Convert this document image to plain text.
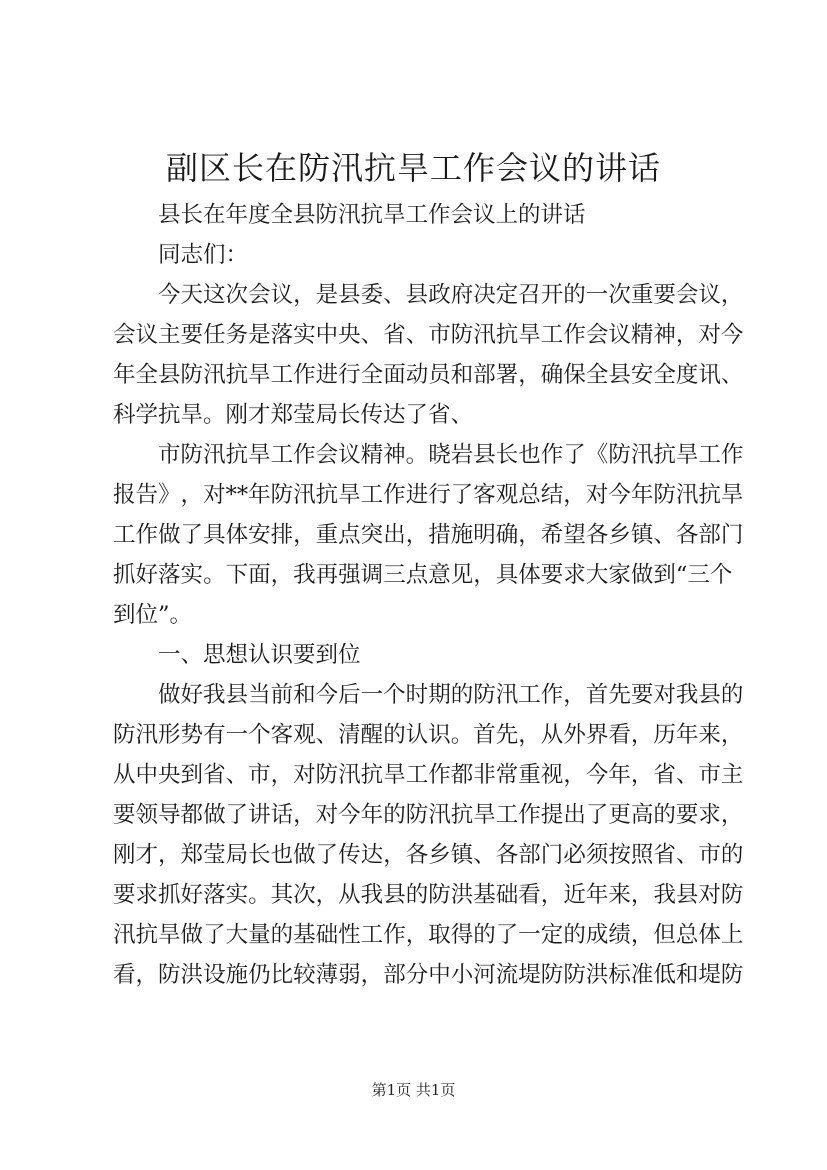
副区长在防汛抗旱工作会议的讲话
县长在年度全县防汛抗旱工作会议上的讲话
同志们：
今 天 这 次 会 议 ， 是 县 委 、 县 政 府 决 定 召 开 的 一 次 重 要 会 议 ，
会 议 主 要 任 务 是 落 实 中 央 、 省 、 市 防 汛 抗 旱 工 作 会 议 精 神 ， 对 今
年 全 县 防 汛 抗 旱 工 作 进 行 全 面 动 员 和 部 署 ， 确 保 全 县 安 全 度 讯 、
科学抗旱。刚才郑莹局长传达了省、
市 防 汛 抗 旱 工 作 会 议 精 神 。 晓 岩 县 长 也 作 了 《 防 汛 抗 旱 工 作
报 告 》 ， 对 * * 年 防 汛 抗 旱 工 作 进 行 了 客 观 总 结 ， 对 今 年 防 汛 抗 旱
工 作 做 了 具 体 安 排 ， 重 点 突 出 ， 措 施 明 确 ， 希 望 各 乡 镇 、 各 部 门
抓 好 落 实 。 下 面 ， 我 再 强 调 三 点 意 见 ， 具 体 要 求 大 家 做 到 “ 三 个
到位”。
一、思想认识要到位
做 好 我 县 当 前 和 今 后 一 个 时 期 的 防 汛 工 作 ， 首 先 要 对 我 县 的
防 汛 形 势 有 一 个 客 观 、 清 醒 的 认 识 。 首 先 ， 从 外 界 看 ， 历 年 来 ，
从 中 央 到 省 、 市 ， 对 防 汛 抗 旱 工 作 都 非 常 重 视 ， 今 年 ， 省 、 市 主
要 领 导 都 做 了 讲 话 ， 对 今 年 的 防 汛 抗 旱 工 作 提 出 了 更 高 的 要 求 ，
刚 才 ， 郑 莹 局 长 也 做 了 传 达 ， 各 乡 镇 、 各 部 门 必 须 按 照 省 、 市 的
要 求 抓 好 落 实 。 其 次 ， 从 我 县 的 防 洪 基 础 看 ， 近 年 来 ， 我 县 对 防
汛 抗 旱 做 了 大 量 的 基 础 性 工 作 ， 取 得 的 了 一 定 的 成 绩 ， 但 总 体 上
看 ， 防 洪 设 施 仍 比 较 薄 弱 ， 部 分 中 小 河 流 堤 防 防 洪 标 准 低 和 堤 防
第1页 共1页
